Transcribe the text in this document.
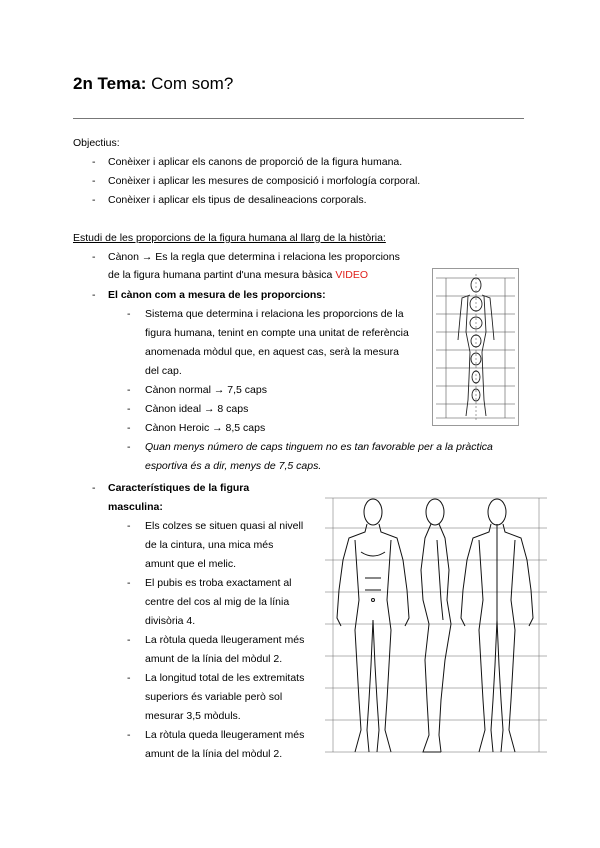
2n Tema: Com som?
Objectius:
- Conèixer i aplicar els canons de proporció de la figura humana.
- Conèixer i aplicar les mesures de composició i morfología corporal.
- Conèixer i aplicar els tipus de desalineacions corporals.
Estudi de les proporcions de la figura humana al llarg de la història:
- Cànon → Es la regla que determina i relaciona les proporcions
de la figura humana partint d'una mesura bàsica VIDEO
- El cànon com a mesura de les proporcions:
- Sistema que determina i relaciona les proporcions de la
figura humana, tenint en compte una unitat de referència
anomenada mòdul que, en aquest cas, serà la mesura
del cap.
- Cànon normal → 7,5 caps
- Cànon ideal → 8 caps
- Cànon Heroic → 8,5 caps
- Quan menys número de caps tinguem no es tan favorable per a la pràctica
esportiva és a dir, menys de 7,5 caps.
- Característiques de la figura
masculina:
- Els colzes se situen quasi al nivell
de la cintura, una mica més
amunt que el melic.
- El pubis es troba exactament al
centre del cos al mig de la línia
divisòria 4.
- La ròtula queda lleugerament més
amunt de la línia del mòdul 2.
- La longitud total de les extremitats
superiors és variable però sol
mesurar 3,5 mòduls.
- La ròtula queda lleugerament més
amunt de la línia del mòdul 2.
